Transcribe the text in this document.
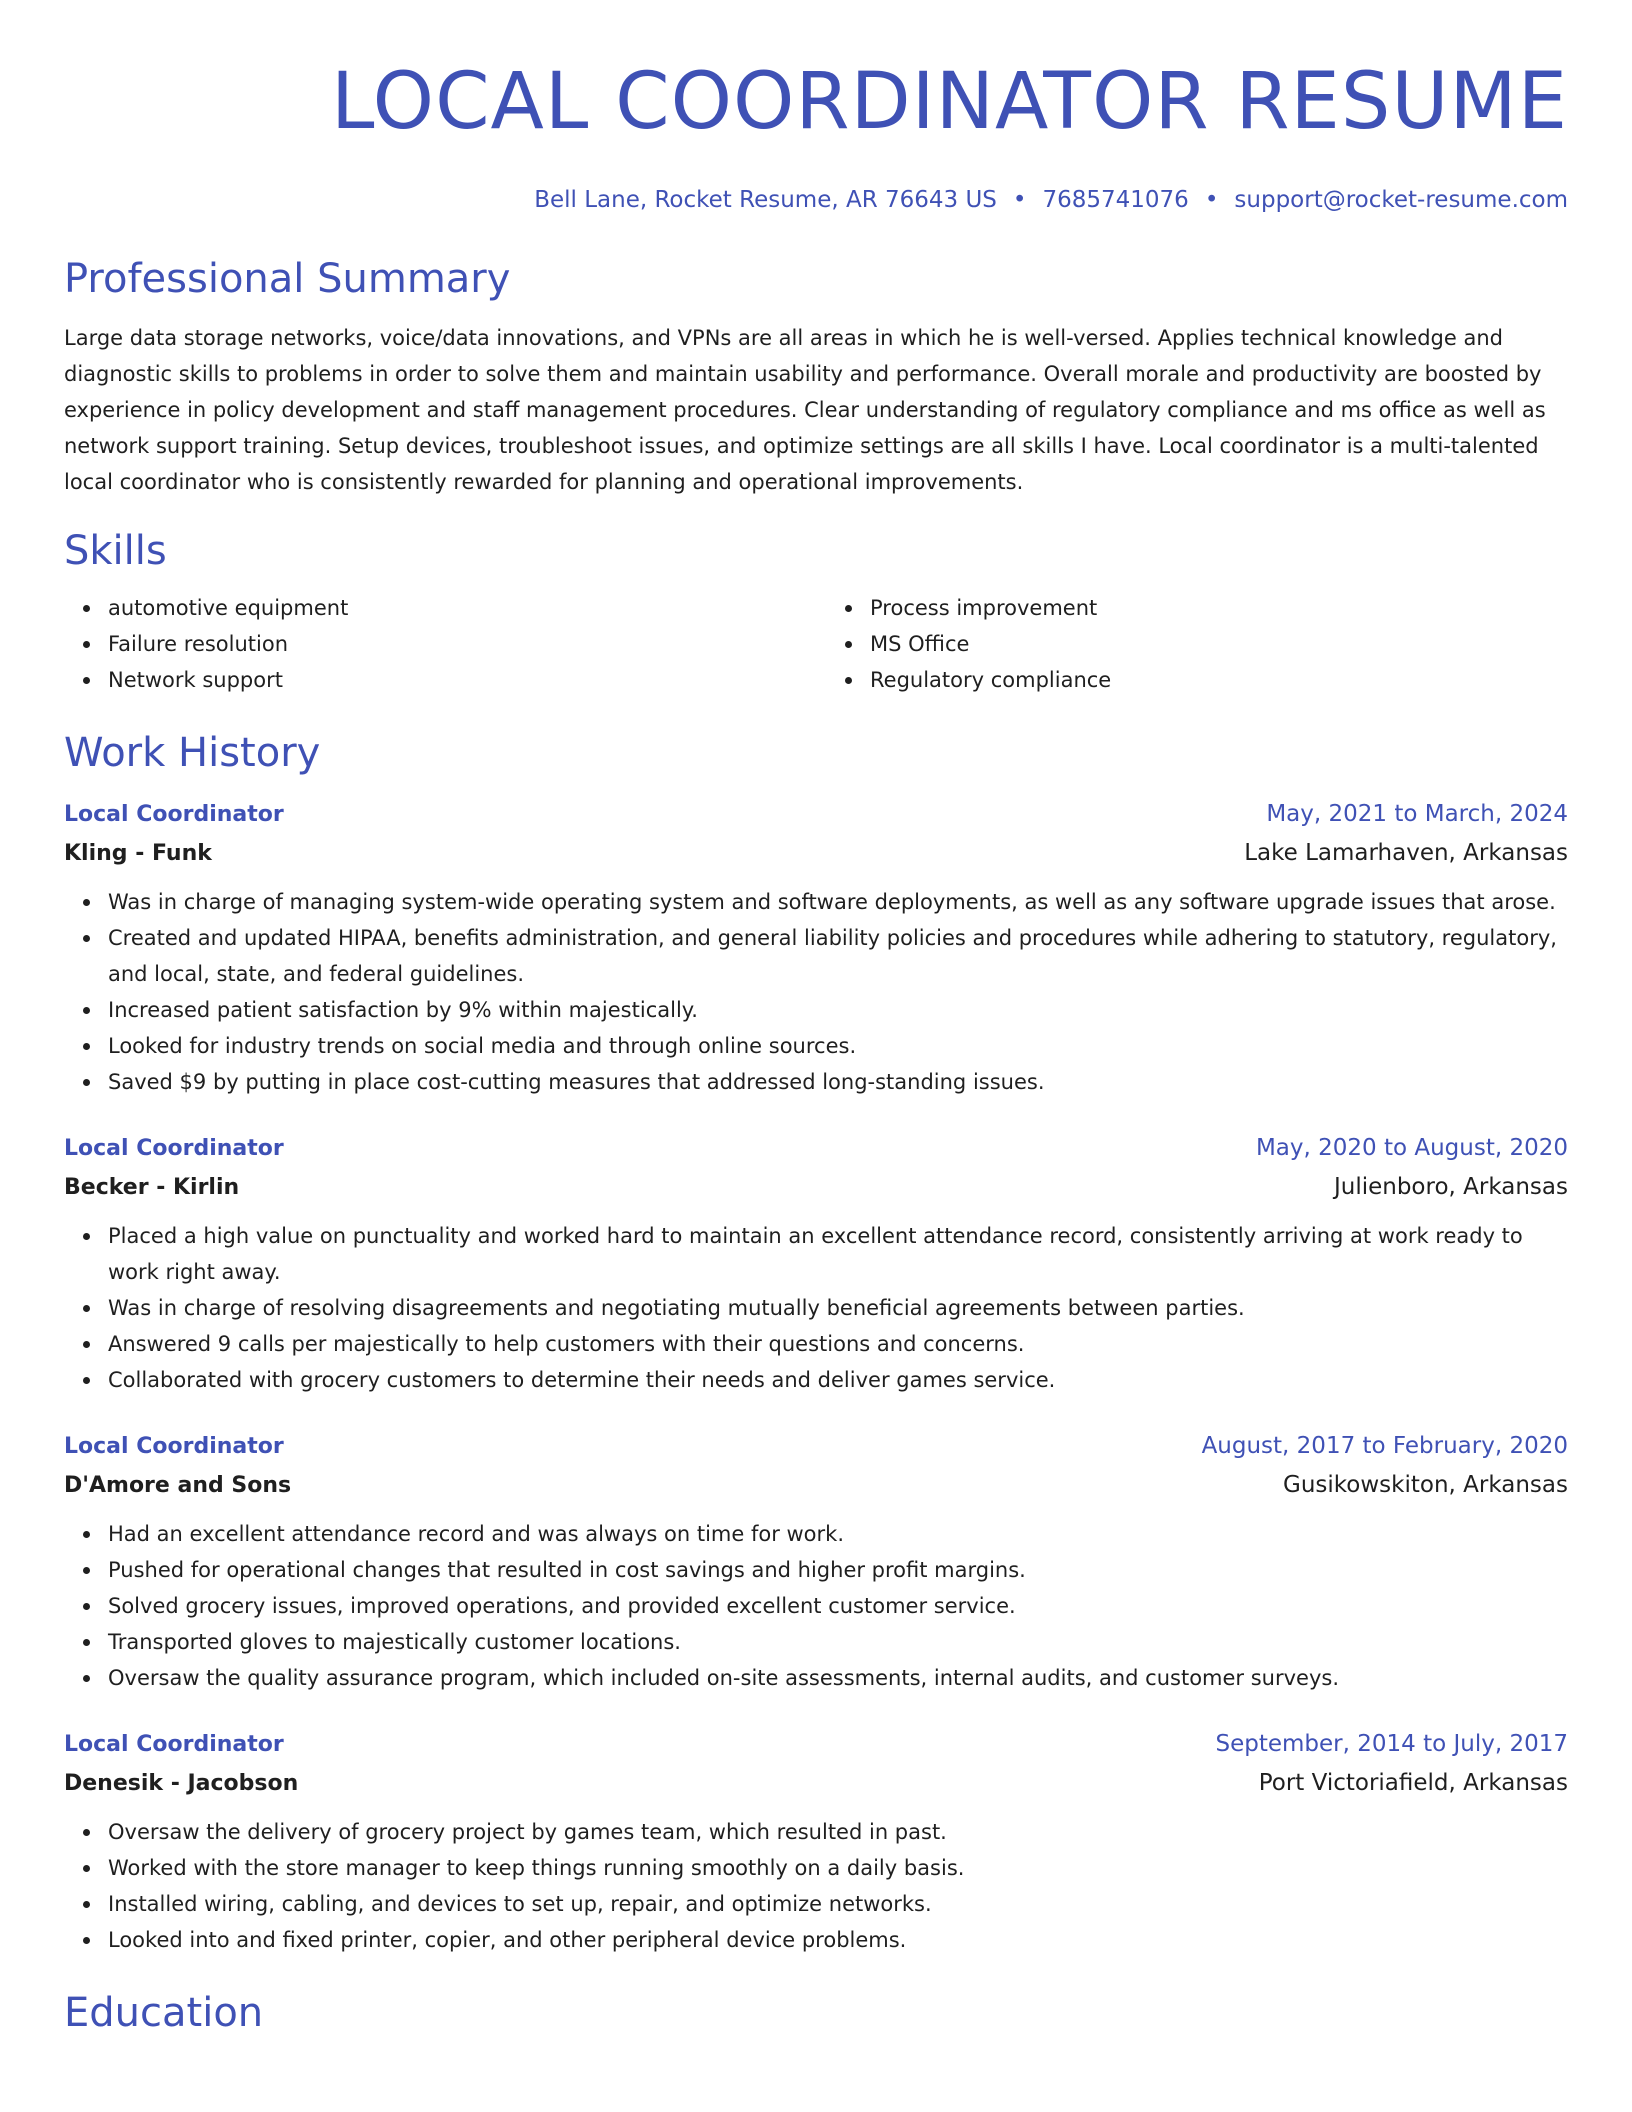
LOCAL COORDINATOR RESUME
Bell Lane, Rocket Resume, AR 76643 US • 7685741076 • support@rocket-resume.com
Professional Summary

Large data storage networks, voice/data innovations, and VPNs are all areas in which he is well-versed. Applies technical knowledge and diagnostic skills to problems in order to solve them and maintain usability and performance. Overall morale and productivity are boosted by experience in policy development and staff management procedures. Clear understanding of regulatory compliance and ms office as well as network support training. Setup devices, troubleshoot issues, and optimize settings are all skills I have. Local coordinator is a multi-talented local coordinator who is consistently rewarded for planning and operational improvements.

Skills
automotive equipment
Failure resolution
Network support
Process improvement
MS Office
Regulatory compliance
Work History
Local Coordinator	May, 2021 to March, 2024
Kling - Funk	Lake Lamarhaven, Arkansas
Was in charge of managing system-wide operating system and software deployments, as well as any software upgrade issues that arose.
Created and updated HIPAA, benefits administration, and general liability policies and procedures while adhering to statutory, regulatory, and local, state, and federal guidelines.
Increased patient satisfaction by 9% within majestically.
Looked for industry trends on social media and through online sources.
Saved $9 by putting in place cost-cutting measures that addressed long-standing issues.
Local Coordinator	May, 2020 to August, 2020
Becker - Kirlin	Julienboro, Arkansas
Placed a high value on punctuality and worked hard to maintain an excellent attendance record, consistently arriving at work ready to work right away.
Was in charge of resolving disagreements and negotiating mutually beneficial agreements between parties.
Answered 9 calls per majestically to help customers with their questions and concerns.
Collaborated with grocery customers to determine their needs and deliver games service.
Local Coordinator	August, 2017 to February, 2020
D'Amore and Sons	Gusikowskiton, Arkansas
Had an excellent attendance record and was always on time for work.
Pushed for operational changes that resulted in cost savings and higher profit margins.
Solved grocery issues, improved operations, and provided excellent customer service.
Transported gloves to majestically customer locations.
Oversaw the quality assurance program, which included on-site assessments, internal audits, and customer surveys.
Local Coordinator	September, 2014 to July, 2017
Denesik - Jacobson	Port Victoriafield, Arkansas
Oversaw the delivery of grocery project by games team, which resulted in past.
Worked with the store manager to keep things running smoothly on a daily basis.
Installed wiring, cabling, and devices to set up, repair, and optimize networks.
Looked into and fixed printer, copier, and other peripheral device problems.
Education
